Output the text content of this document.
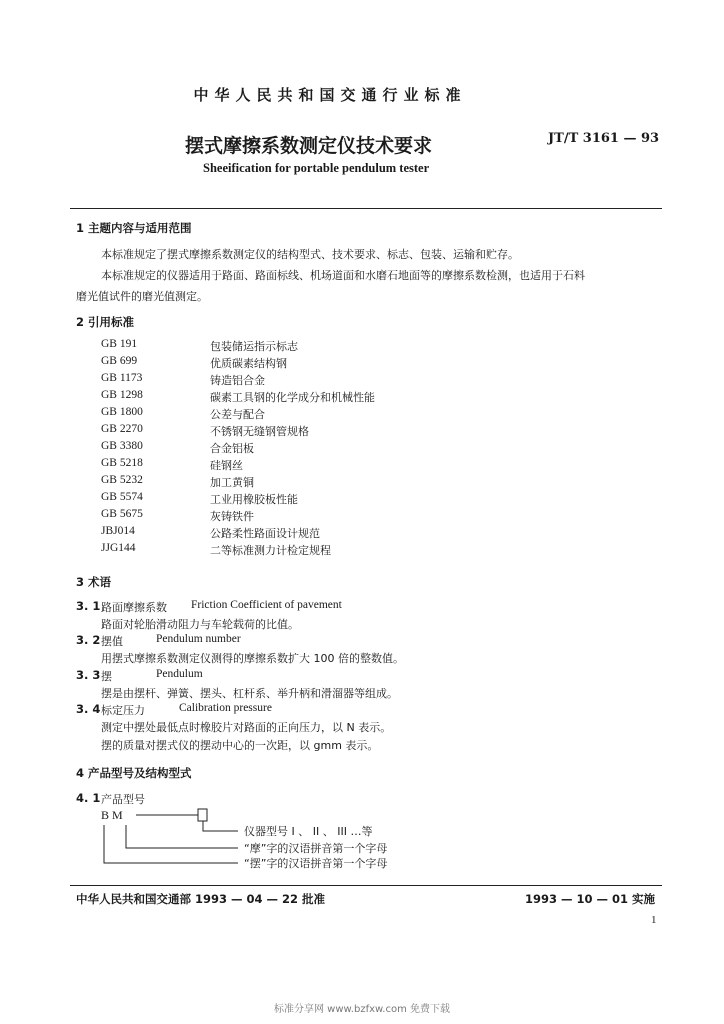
中华人民共和国交通行业标准
摆式摩擦系数测定仪技术要求	JT/T 3161 — 93
Sheeification for portable pendulum tester
1 主题内容与适用范围
本标准规定了摆式摩擦系数测定仪的结构型式、技术要求、标志、包装、运输和贮存。
本标准规定的仪器适用于路面、路面标线、机场道面和水磨石地面等的摩擦系数检测，也适用于石料
磨光值试件的磨光值测定。
2 引用标准
GB 191	包装储运指示标志
GB 699	优质碳素结构钢
GB 1173	铸造铝合金
GB 1298	碳素工具钢的化学成分和机械性能
GB 1800	公差与配合
GB 2270	不锈钢无缝钢管规格
GB 3380	合金铝板
GB 5218	硅钢丝
GB 5232	加工黄铜
GB 5574	工业用橡胶板性能
GB 5675	灰铸铁件
JBJ014	公路柔性路面设计规范
JJG144	二等标准测力计检定规程
3 术语
3. 1 路面摩擦系数 Friction Coefficient of pavement
路面对轮胎滑动阻力与车轮载荷的比值。
3. 2 摆值	Pendulum number
用摆式摩擦系数测定仪测得的摩擦系数扩大 100 倍的整数值。
3. 3 摆	Pendulum
摆是由摆杆、弹簧、摆头、杠杆系、举升柄和滑溜器等组成。
3. 4 标定压力	Calibration pressure
测定中摆处最低点时橡胶片对路面的正向压力，以 N 表示。
摆的质量对摆式仪的摆动中心的一次距，以 gmm 表示。
4 产品型号及结构型式
4. 1 产品型号
B M
仪器型号 I 、 II 、 III …等
“摩”字的汉语拼音第一个字母
“摆”字的汉语拼音第一个字母
中华人民共和国交通部 1993 — 04 — 22 批准	1993 — 10 — 01 实施
1
标准分享网 www.bzfxw.com 免费下载
